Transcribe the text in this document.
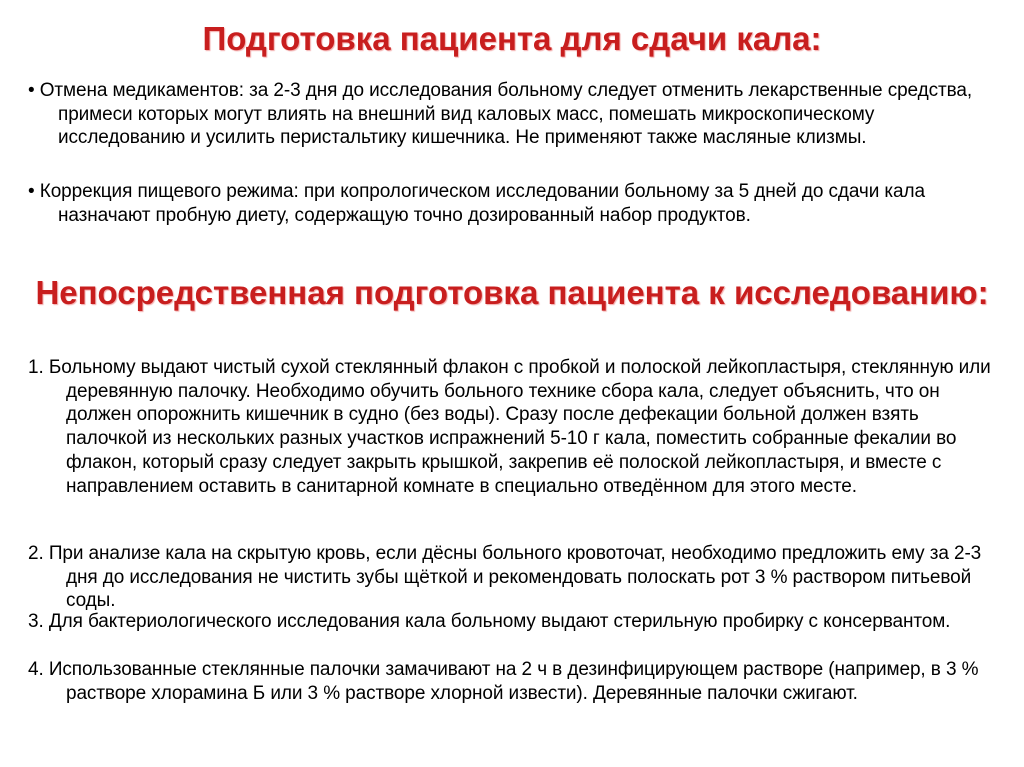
Подготовка пациента для сдачи кала:

• Отмена медикаментов: за 2-3 дня до исследования больному следует отменить лекарственные средства, примеси которых могут влиять на внешний вид каловых масс, помешать микроскопическому исследованию и усилить перистальтику кишечника. Не применяют также масляные клизмы.

• Коррекция пищевого режима: при копрологическом исследовании больному за 5 дней до сдачи кала назначают пробную диету, содержащую точно дозированный набор продуктов.

Непосредственная подготовка пациента к исследованию:

1. Больному выдают чистый сухой стеклянный флакон с пробкой и полоской лейкопластыря, стеклянную или деревянную палочку. Необходимо обучить больного технике сбора кала, следует объяснить, что он должен опорожнить кишечник в судно (без воды). Сразу после дефекации больной должен взять палочкой из нескольких разных участков испражнений 5-10 г кала, поместить собранные фекалии во флакон, который сразу следует закрыть крышкой, закрепив её полоской лейкопластыря, и вместе с направлением оставить в санитарной комнате в специально отведённом для этого месте.

2. При анализе кала на скрытую кровь, если дёсны больного кровоточат, необходимо предложить ему за 2-3 дня до исследования не чистить зубы щёткой и рекомендовать полоскать рот 3 % раствором питьевой соды.

3. Для бактериологического исследования кала больному выдают стерильную пробирку с консервантом.

4. Использованные стеклянные палочки замачивают на 2 ч в дезинфицирующем растворе (например, в 3 % растворе хлорамина Б или 3 % растворе хлорной извести). Деревянные палочки сжигают.
